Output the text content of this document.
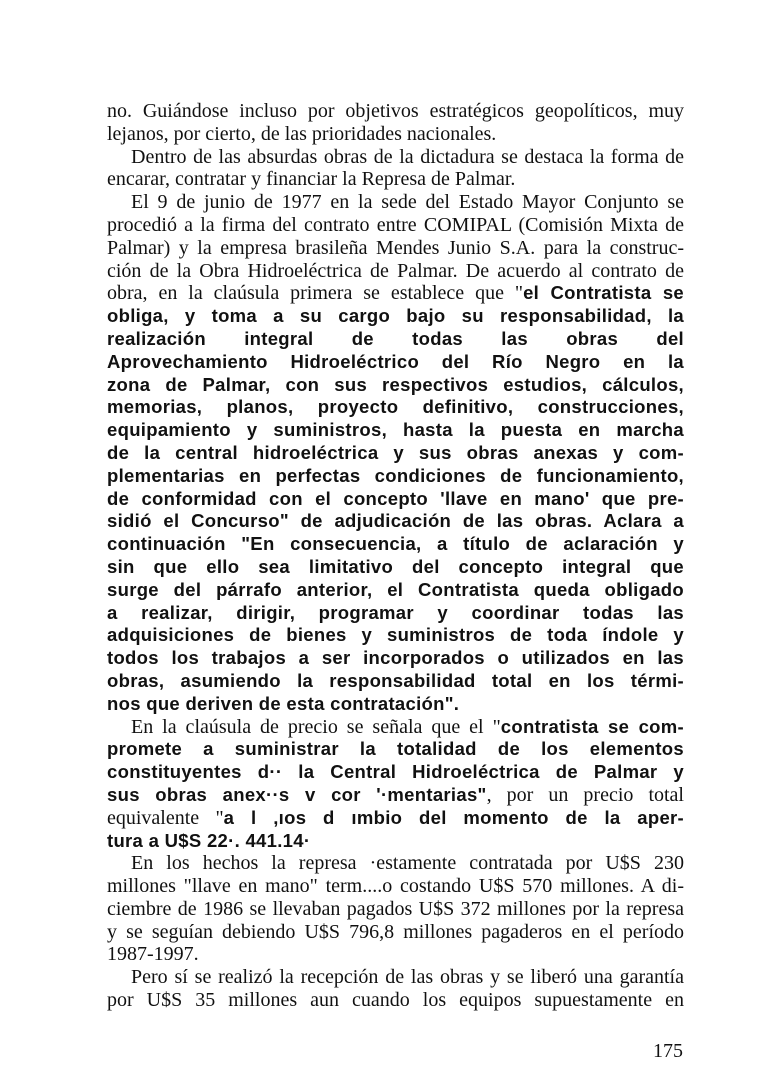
no. Guiándose incluso por objetivos estratégicos geopolíticos, muy
lejanos, por cierto, de las prioridades nacionales.
Dentro de las absurdas obras de la dictadura se destaca la forma de
encarar, contratar y financiar la Represa de Palmar.
El 9 de junio de 1977 en la sede del Estado Mayor Conjunto se
procedió a la firma del contrato entre COMIPAL (Comisión Mixta de
Palmar) y la empresa brasileña Mendes Junio S.A. para la construc-
ción de la Obra Hidroeléctrica de Palmar. De acuerdo al contrato de
obra, en la claúsula primera se establece que "el Contratista se
obliga, y toma a su cargo bajo su responsabilidad, la
realización integral de todas las obras del
Aprovechamiento Hidroeléctrico del Río Negro en la
zona de Palmar, con sus respectivos estudios, cálculos,
memorias, planos, proyecto definitivo, construcciones,
equipamiento y suministros, hasta la puesta en marcha
de la central hidroeléctrica y sus obras anexas y com-
plementarias en perfectas condiciones de funcionamiento,
de conformidad con el concepto 'llave en mano' que pre-
sidió el Concurso" de adjudicación de las obras. Aclara a
continuación "En consecuencia, a título de aclaración y
sin que ello sea limitativo del concepto integral que
surge del párrafo anterior, el Contratista queda obligado
a realizar, dirigir, programar y coordinar todas las
adquisiciones de bienes y suministros de toda índole y
todos los trabajos a ser incorporados o utilizados en las
obras, asumiendo la responsabilidad total en los térmi-
nos que deriven de esta contratación".
En la claúsula de precio se señala que el "contratista se com-
promete a suministrar la totalidad de los elementos
constituyentes d·· la Central Hidroeléctrica de Palmar y
sus obras anex··s v cor '·mentarias", por un precio total
equivalente "a l ,ıos d ımbio del momento de la aper-
tura a U$S 22·. 441.14·
En los hechos la represa ·estamente contratada por U$S 230
millones "llave en mano" term....o costando U$S 570 millones. A di-
ciembre de 1986 se llevaban pagados U$S 372 millones por la represa
y se seguían debiendo U$S 796,8 millones pagaderos en el período
1987-1997.
Pero sí se realizó la recepción de las obras y se liberó una garantía
por U$S 35 millones aun cuando los equipos supuestamente en
175
